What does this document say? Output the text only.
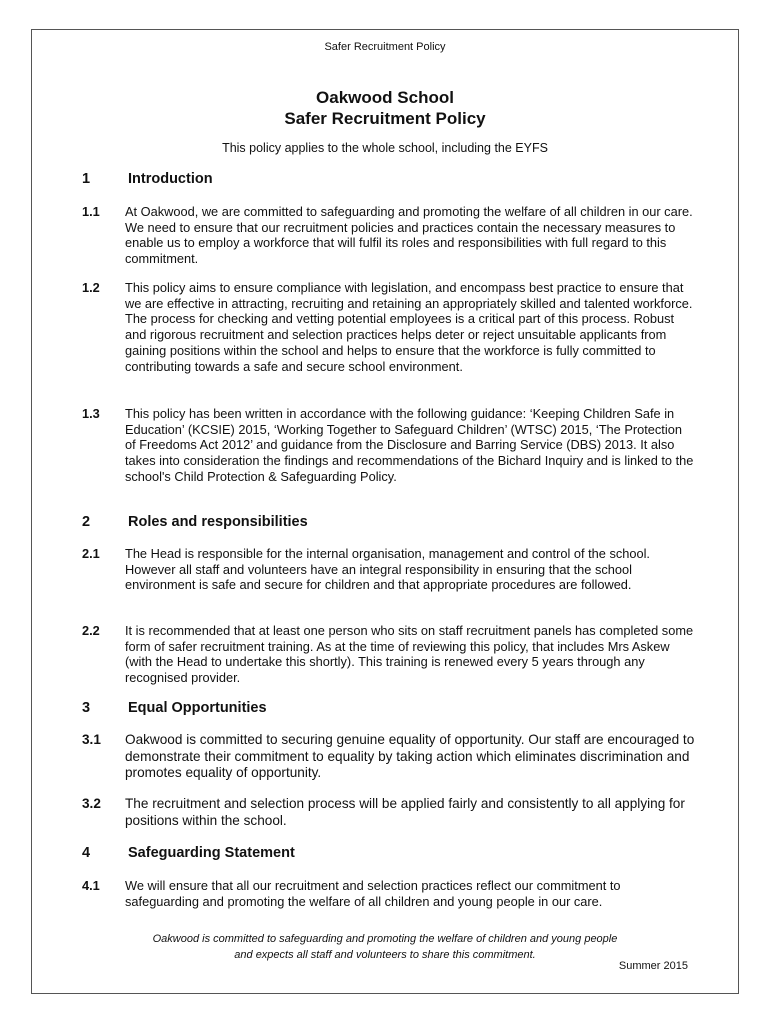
Safer Recruitment Policy
Oakwood School
Safer Recruitment Policy
This policy applies to the whole school, including the EYFS
1	Introduction
1.1 At Oakwood, we are committed to safeguarding and promoting the welfare of all children in our care. We need to ensure that our recruitment policies and practices contain the necessary measures to enable us to employ a workforce that will fulfil its roles and responsibilities with full regard to this commitment.
1.2 This policy aims to ensure compliance with legislation, and encompass best practice to ensure that we are effective in attracting, recruiting and retaining an appropriately skilled and talented workforce. The process for checking and vetting potential employees is a critical part of this process. Robust and rigorous recruitment and selection practices helps deter or reject unsuitable applicants from gaining positions within the school and helps to ensure that the workforce is fully committed to contributing towards a safe and secure school environment.
1.3 This policy has been written in accordance with the following guidance: ‘Keeping Children Safe in Education’ (KCSIE) 2015, ‘Working Together to Safeguard Children’ (WTSC) 2015, ‘The Protection of Freedoms Act 2012’ and guidance from the Disclosure and Barring Service (DBS) 2013. It also takes into consideration the findings and recommendations of the Bichard Inquiry and is linked to the school's Child Protection & Safeguarding Policy.
2	Roles and responsibilities
2.1 The Head is responsible for the internal organisation, management and control of the school. However all staff and volunteers have an integral responsibility in ensuring that the school environment is safe and secure for children and that appropriate procedures are followed.
2.2 It is recommended that at least one person who sits on staff recruitment panels has completed some form of safer recruitment training. As at the time of reviewing this policy, that includes Mrs Askew (with the Head to undertake this shortly). This training is renewed every 5 years through any recognised provider.
3	Equal Opportunities
3.1 Oakwood is committed to securing genuine equality of opportunity. Our staff are encouraged to demonstrate their commitment to equality by taking action which eliminates discrimination and promotes equality of opportunity.
3.2 The recruitment and selection process will be applied fairly and consistently to all applying for positions within the school.
4	Safeguarding Statement
4.1 We will ensure that all our recruitment and selection practices reflect our commitment to safeguarding and promoting the welfare of all children and young people in our care.
Oakwood is committed to safeguarding and promoting the welfare of children and young people
and expects all staff and volunteers to share this commitment.
Summer 2015
